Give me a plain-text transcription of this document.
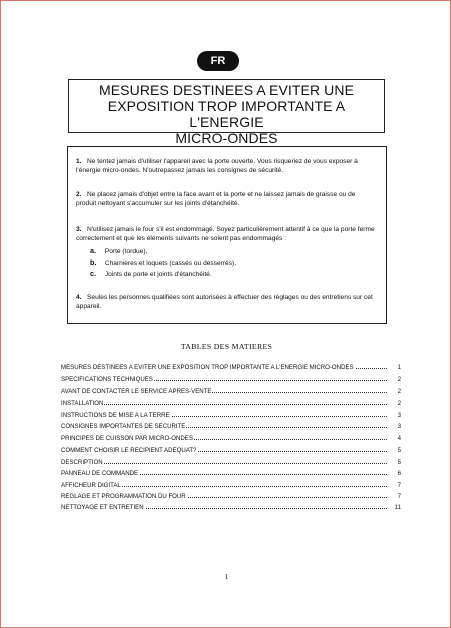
FR
MESURES DESTINEES A EVITER UNE
EXPOSITION TROP IMPORTANTE A L'ENERGIE
MICRO-ONDES
1. Ne tentez jamais d'utiliser l'appareil avec la porte ouverte. Vous risqueriez de vous exposer à l'énergie micro-ondes. N'outrepassez jamais les consignes de sécurité.
2. Ne placez jamais d'objet entre la face avant et la porte et ne laissez jamais de graisse ou de produit nettoyant s'accumuler sur les joints d'étanchéité.
3. N'utilisez jamais le four s'il est endommagé. Soyez particulièrement attentif à ce que la porte ferme correctement et que les éléments suivants ne soient pas endommagés :
a. Porte (tordue),
b. Charnières et loquets (cassés ou desserrés),
c. Joints de porte et joints d'étanchéité.
4. Seules les personnes qualifiées sont autorisées à effectuer des réglages ou des entretiens sur cet appareil.
TABLES DES MATIERES
MESURES DESTINEES A EVITER UNE EXPOSITION TROP IMPORTANTE A L'ENERGIE MICRO-ONDES	1
SPECIFICATIONS TECHNIQUES	2
AVANT DE CONTACTER LE SERVICE APRES-VENTE	2
INSTALLATION	2
INSTRUCTIONS DE MISE A LA TERRE	3
CONSIGNES IMPORTANTES DE SECURITE	3
PRINCIPES DE CUISSON PAR MICRO-ONDES	4
COMMENT CHOISIR LE RECIPIENT ADEQUAT?	5
DESCRIPTION	5
PANNEAU DE COMMANDE	6
AFFICHEUR DIGITAL	7
REGLAGE ET PROGRAMMATION DU FOUR	7
NETTOYAGE ET ENTRETIEN	11
1
